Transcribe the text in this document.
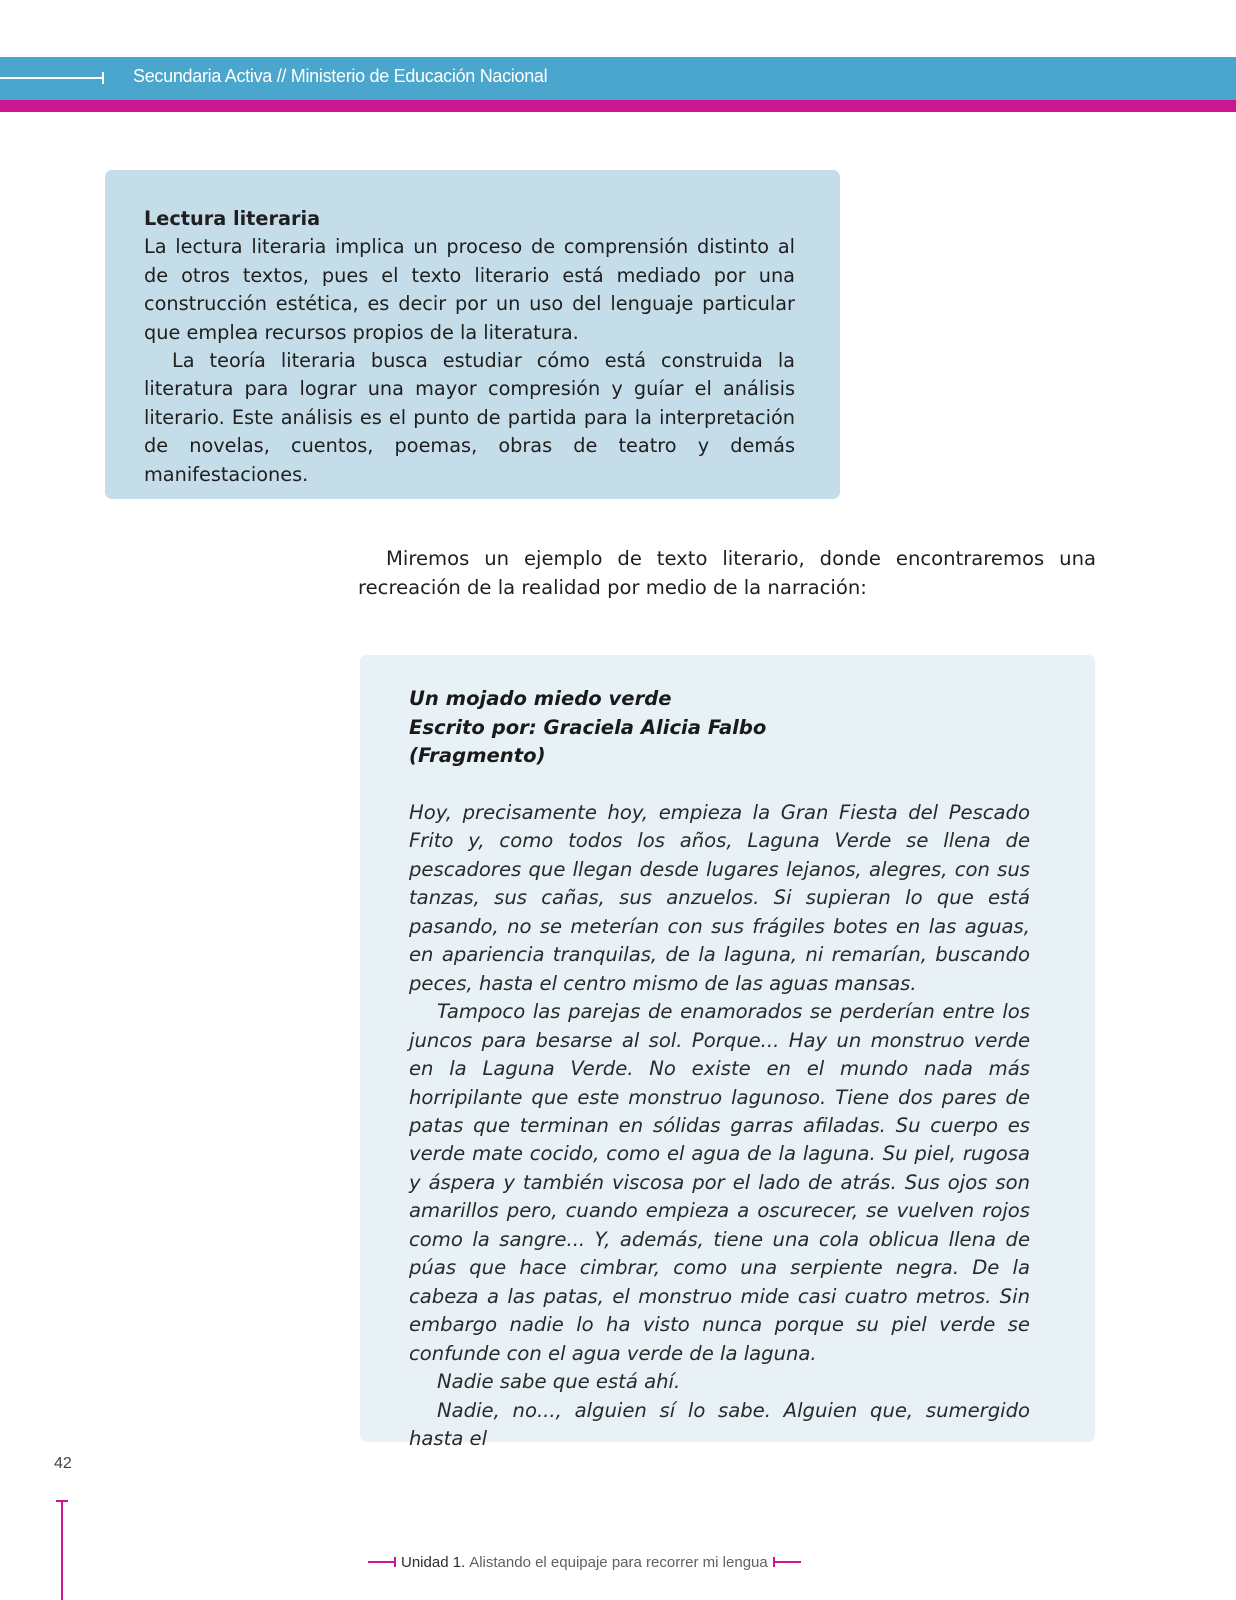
Secundaria Activa // Ministerio de Educación Nacional
Lectura literaria

La lectura literaria implica un proceso de comprensión distinto al de otros textos, pues el texto literario está mediado por una construcción estética, es decir por un uso del lenguaje particular que emplea recursos propios de la literatura.

La teoría literaria busca estudiar cómo está construida la literatura para lograr una mayor compresión y guíar el análisis literario. Este análisis es el punto de partida para la interpretación de novelas, cuentos, poemas, obras de teatro y demás manifestaciones.

Miremos un ejemplo de texto literario, donde encontraremos una recreación de la realidad por medio de la narración:

Un mojado miedo verde
Escrito por: Graciela Alicia Falbo
(Fragmento)

Hoy, precisamente hoy, empieza la Gran Fiesta del Pescado Frito y, como todos los años, Laguna Verde se llena de pescadores que llegan desde lugares lejanos, alegres, con sus tanzas, sus cañas, sus anzuelos. Si supieran lo que está pasando, no se meterían con sus frágiles botes en las aguas, en apariencia tranquilas, de la laguna, ni remarían, buscando peces, hasta el centro mismo de las aguas mansas.

Tampoco las parejas de enamorados se perderían entre los juncos para besarse al sol. Porque... Hay un monstruo verde en la Laguna Verde. No existe en el mundo nada más horripilante que este monstruo lagunoso. Tiene dos pares de patas que terminan en sólidas garras afiladas. Su cuerpo es verde mate cocido, como el agua de la laguna. Su piel, rugosa y áspera y también viscosa por el lado de atrás. Sus ojos son amarillos pero, cuando empieza a oscurecer, se vuelven rojos como la sangre... Y, además, tiene una cola oblicua llena de púas que hace cimbrar, como una serpiente negra. De la cabeza a las patas, el monstruo mide casi cuatro metros. Sin embargo nadie lo ha visto nunca porque su piel verde se confunde con el agua verde de la laguna.

Nadie sabe que está ahí.

Nadie, no..., alguien sí lo sabe. Alguien que, sumergido hasta el

42
Unidad 1. Alistando el equipaje para recorrer mi lengua
